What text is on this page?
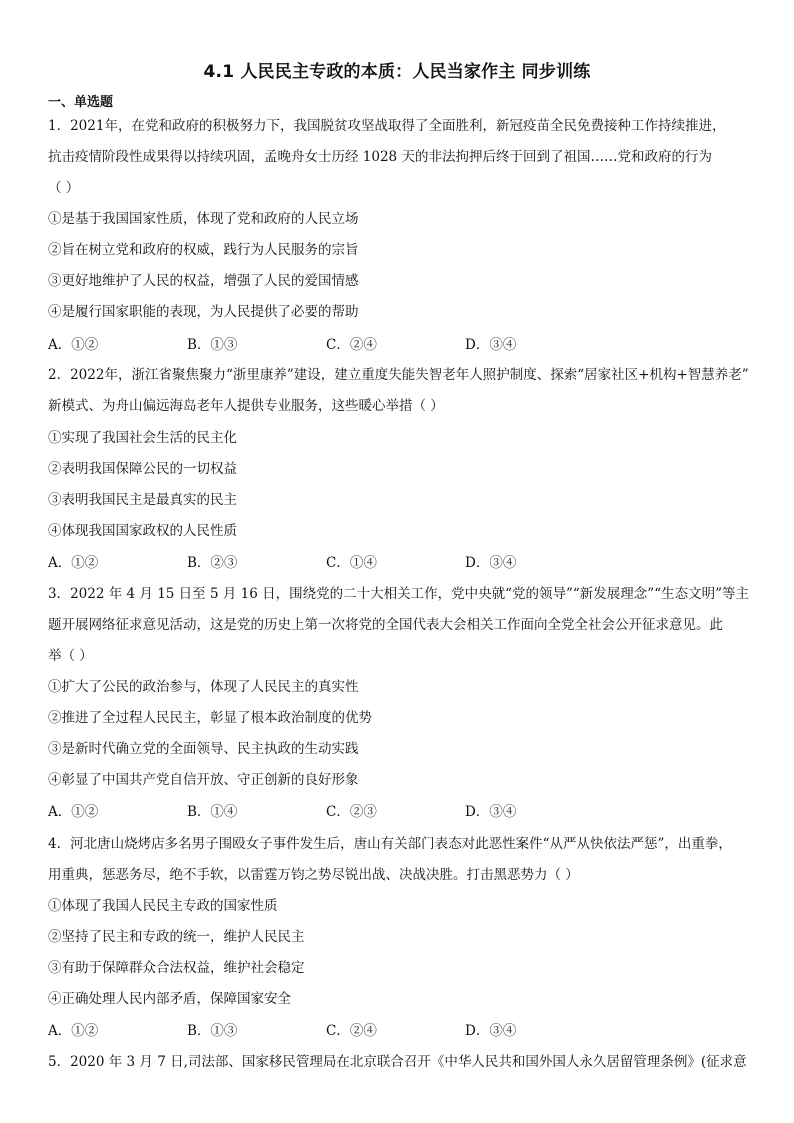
4.1 人民民主专政的本质：人民当家作主 同步训练
一、单选题
1．2021年，在党和政府的积极努力下，我国脱贫攻坚战取得了全面胜利，新冠疫苗全民免费接种工作持续推进，
抗击疫情阶段性成果得以持续巩固，孟晚舟女士历经 1028 天的非法拘押后终于回到了祖国……党和政府的行为
（ ）
①是基于我国国家性质，体现了党和政府的人民立场
②旨在树立党和政府的权威，践行为人民服务的宗旨
③更好地维护了人民的权益，增强了人民的爱国情感
④是履行国家职能的表现，为人民提供了必要的帮助
A．①②	B．①③	C．②④	D．③④
2．2022年，浙江省聚焦聚力“浙里康养”建设，建立重度失能失智老年人照护制度、探索“居家社区+机构+智慧养老”
新模式、为舟山偏远海岛老年人提供专业服务，这些暖心举措（ ）
①实现了我国社会生活的民主化
②表明我国保障公民的一切权益
③表明我国民主是最真实的民主
④体现我国国家政权的人民性质
A．①②	B．②③	C．①④	D．③④
3．2022 年 4 月 15 日至 5 月 16 日，围绕党的二十大相关工作，党中央就“党的领导”“新发展理念”“生态文明”等主
题开展网络征求意见活动，这是党的历史上第一次将党的全国代表大会相关工作面向全党全社会公开征求意见。此
举（ ）
①扩大了公民的政治参与，体现了人民民主的真实性
②推进了全过程人民民主，彰显了根本政治制度的优势
③是新时代确立党的全面领导、民主执政的生动实践
④彰显了中国共产党自信开放、守正创新的良好形象
A．①②	B．①④	C．②③	D．③④
4．河北唐山烧烤店多名男子围殴女子事件发生后，唐山有关部门表态对此恶性案件“从严从快依法严惩”，出重拳，
用重典，惩恶务尽，绝不手软，以雷霆万钧之势尽锐出战、决战决胜。打击黑恶势力（ ）
①体现了我国人民民主专政的国家性质
②坚持了民主和专政的统一，维护人民民主
③有助于保障群众合法权益，维护社会稳定
④正确处理人民内部矛盾，保障国家安全
A．①②	B．①③	C．②④	D．③④
5．2020 年 3 月 7 日,司法部、国家移民管理局在北京联合召开《中华人民共和国外国人永久居留管理条例》(征求意
